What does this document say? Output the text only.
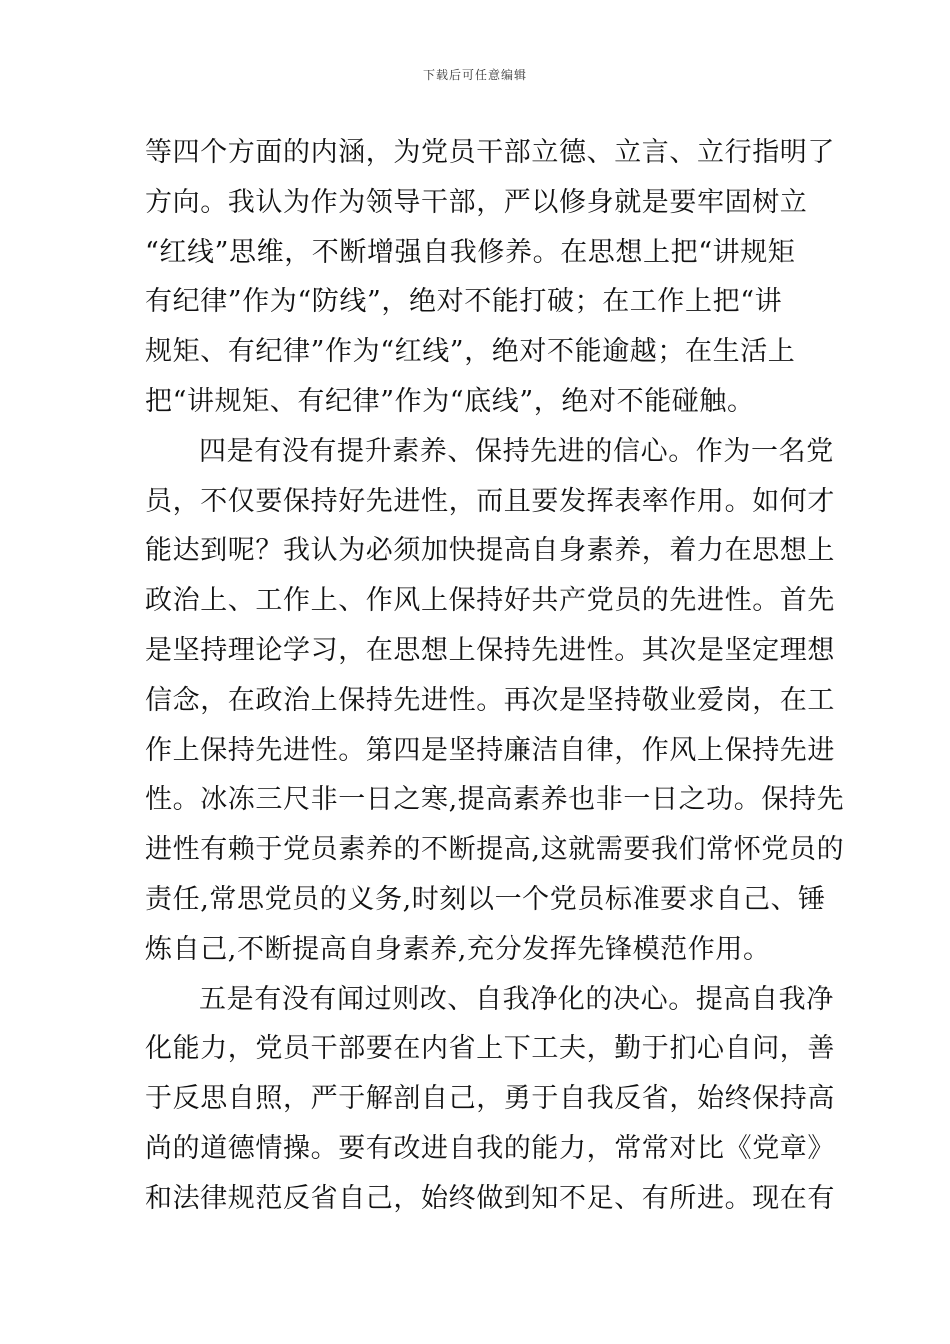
下载后可任意编辑
等四个方面的内涵，为党员干部立德、立言、立行指明了
方向。我认为作为领导干部，严以修身就是要牢固树立
“红线”思维，不断增强自我修养。在思想上把“讲规矩
有纪律”作为“防线”，绝对不能打破；在工作上把“讲
规矩、有纪律”作为“红线”，绝对不能逾越；在生活上
把“讲规矩、有纪律”作为“底线”，绝对不能碰触。
四是有没有提升素养、保持先进的信心。作为一名党
员，不仅要保持好先进性，而且要发挥表率作用。如何才
能达到呢？我认为必须加快提高自身素养，着力在思想上
政治上、工作上、作风上保持好共产党员的先进性。首先
是坚持理论学习，在思想上保持先进性。其次是坚定理想
信念，在政治上保持先进性。再次是坚持敬业爱岗，在工
作上保持先进性。第四是坚持廉洁自律，作风上保持先进
性。冰冻三尺非一日之寒,提高素养也非一日之功。保持先
进性有赖于党员素养的不断提高,这就需要我们常怀党员的
责任,常思党员的义务,时刻以一个党员标准要求自己、锤
炼自己,不断提高自身素养,充分发挥先锋模范作用。
五是有没有闻过则改、自我净化的决心。提高自我净
化能力，党员干部要在内省上下工夫，勤于扪心自问，善
于反思自照，严于解剖自己，勇于自我反省，始终保持高
尚的道德情操。要有改进自我的能力，常常对比《党章》
和法律规范反省自己，始终做到知不足、有所进。现在有
